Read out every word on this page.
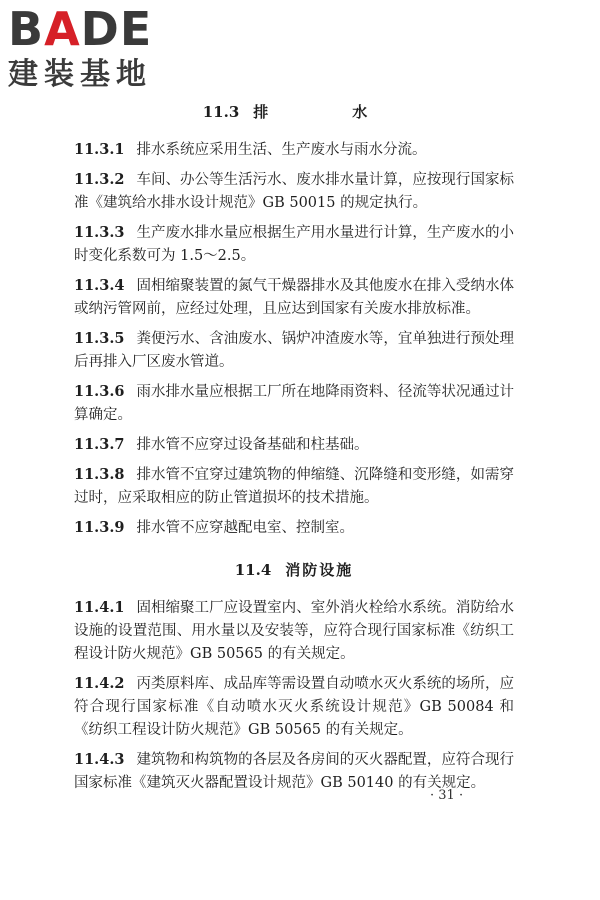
BADE
建装基地
11.3 排　　水

11.3.1 排水系统应采用生活、生产废水与雨水分流。

11.3.2 车间、办公等生活污水、废水排水量计算，应按现行国家标准《建筑给水排水设计规范》GB 50015 的规定执行。

11.3.3 生产废水排水量应根据生产用水量进行计算，生产废水的小时变化系数可为 1.5～2.5。

11.3.4 固相缩聚装置的氮气干燥器排水及其他废水在排入受纳水体或纳污管网前，应经过处理，且应达到国家有关废水排放标准。

11.3.5 粪便污水、含油废水、锅炉冲渣废水等，宜单独进行预处理后再排入厂区废水管道。

11.3.6 雨水排水量应根据工厂所在地降雨资料、径流等状况通过计算确定。

11.3.7 排水管不应穿过设备基础和柱基础。

11.3.8 排水管不宜穿过建筑物的伸缩缝、沉降缝和变形缝，如需穿过时，应采取相应的防止管道损坏的技术措施。

11.3.9 排水管不应穿越配电室、控制室。

11.4 消防设施

11.4.1 固相缩聚工厂应设置室内、室外消火栓给水系统。消防给水设施的设置范围、用水量以及安装等，应符合现行国家标准《纺织工程设计防火规范》GB 50565 的有关规定。

11.4.2 丙类原料库、成品库等需设置自动喷水灭火系统的场所，应符合现行国家标准《自动喷水灭火系统设计规范》GB 50084 和《纺织工程设计防火规范》GB 50565 的有关规定。

11.4.3 建筑物和构筑物的各层及各房间的灭火器配置，应符合现行国家标准《建筑灭火器配置设计规范》GB 50140 的有关规定。

· 31 ·
